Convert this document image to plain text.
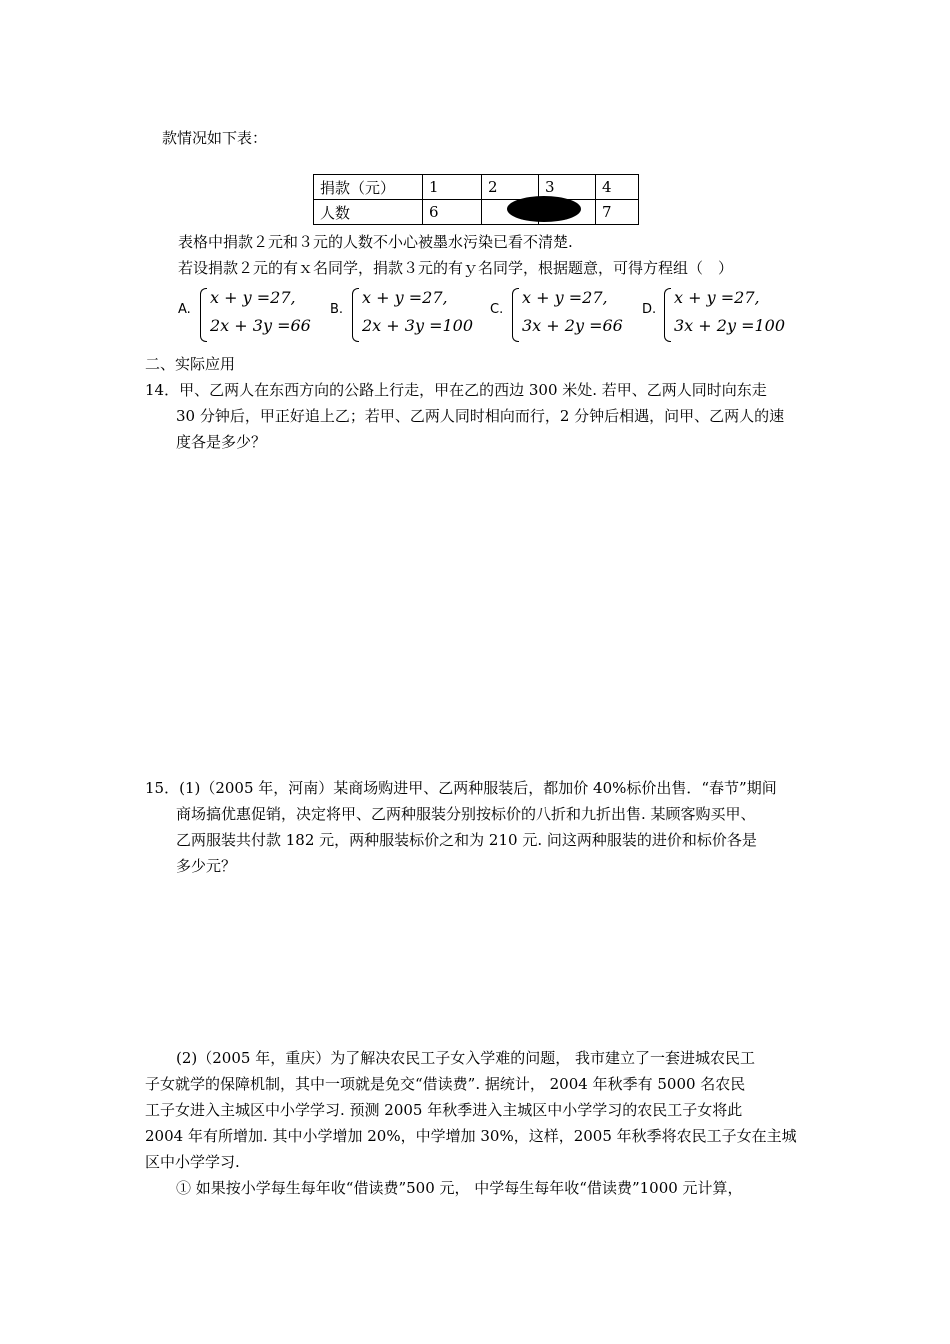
款情况如下表：
捐款（元）	1	2	3	4
人数	6			7
表格中捐款２元和３元的人数不小心被墨水污染已看不清楚.
若设捐款２元的有ｘ名同学，捐款３元的有ｙ名同学，根据题意，可得方程组（　）
A.
x + y =27,
2x + 3y =66
B.
x + y =27,
2x + 3y =100
C.
x + y =27,
3x + 2y =66
D.
x + y =27,
3x + 2y =100
二、实际应用
14．甲、乙两人在东西方向的公路上行走，甲在乙的西边 300 米处. 若甲、乙两人同时向东走
30 分钟后，甲正好追上乙；若甲、乙两人同时相向而行，2 分钟后相遇，问甲、乙两人的速
度各是多少？
15．(1)（2005 年，河南）某商场购进甲、乙两种服装后，都加价 40%标价出售．“春节”期间
商场搞优惠促销，决定将甲、乙两种服装分别按标价的八折和九折出售. 某顾客购买甲、
乙两服装共付款 182 元，两种服装标价之和为 210 元. 问这两种服装的进价和标价各是
多少元？
(2)（2005 年，重庆）为了解决农民工子女入学难的问题， 我市建立了一套进城农民工
子女就学的保障机制，其中一项就是免交“借读费”. 据统计， 2004 年秋季有 5000 名农民
工子女进入主城区中小学学习. 预测 2005 年秋季进入主城区中小学学习的农民工子女将此
2004 年有所增加. 其中小学增加 20%，中学增加 30%，这样，2005 年秋季将农民工子女在主城
区中小学学习.
① 如果按小学每生每年收“借读费”500 元， 中学每生每年收“借读费”1000 元计算，
